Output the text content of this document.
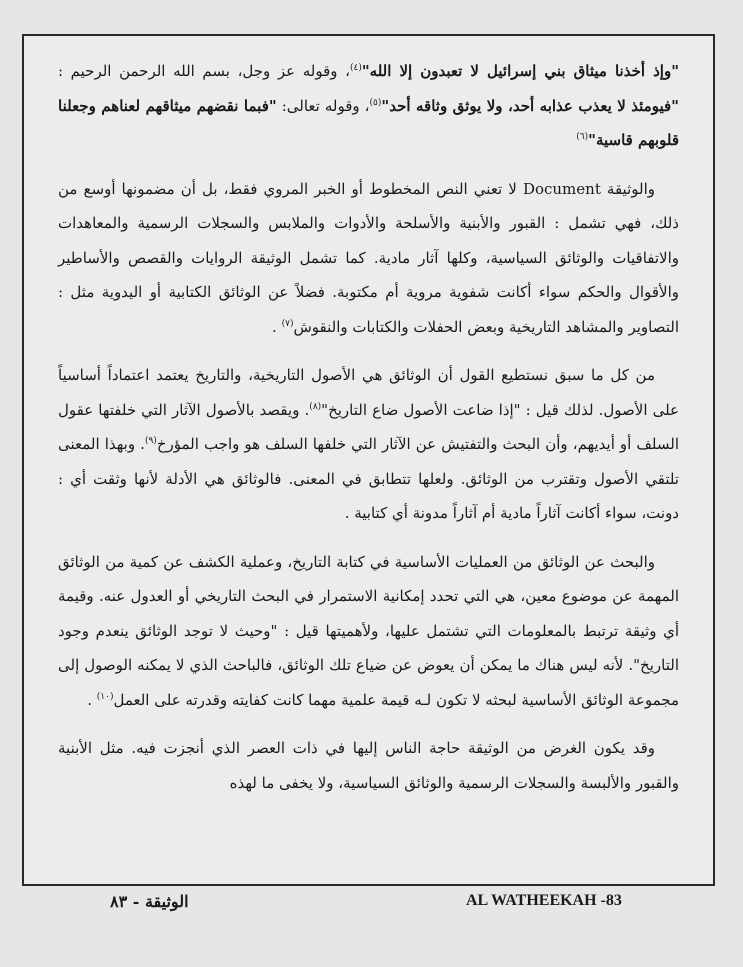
"وإذ أخذنا ميثاق بني إسرائيل لا تعبدون إلا الله"$^{(٤)}$، وقوله عز وجل، بسم الله الرحمن الرحيم : "فيومئذ لا يعذب عذابه أحد، ولا يوثق وثاقه أحد"$^{(٥)}$، وقوله تعالى: "فبما نقضهم ميثاقهم لعناهم وجعلنا قلوبهم قاسية"$^{(٦)}$

والوثيقة Document لا تعني النص المخطوط أو الخبر المروي فقط، بل أن مضمونها أوسع من ذلك، فهي تشمل : القبور والأبنية والأسلحة والأدوات والملابس والسجلات الرسمية والمعاهدات والاتفاقيات والوثائق السياسية، وكلها آثار مادية. كما تشمل الوثيقة الروايات والقصص والأساطير والأقوال والحكم سواء أكانت شفوية مروية أم مكتوبة. فضلاً عن الوثائق الكتابية أو اليدوية مثل : التصاوير والمشاهد التاريخية وبعض الحفلات والكتابات والنقوش$^{(٧)}$ .

من كل ما سبق نستطيع القول أن الوثائق هي الأصول التاريخية، والتاريخ يعتمد اعتماداً أساسياً على الأصول. لذلك قيل : "إذا ضاعت الأصول ضاع التاريخ"$^{(٨)}$. ويقصد بالأصول الآثار التي خلفتها عقول السلف أو أيديهم، وأن البحث والتفتيش عن الآثار التي خلفها السلف هو واجب المؤرخ$^{(٩)}$. وبهذا المعنى تلتقي الأصول وتقترب من الوثائق. ولعلها تتطابق في المعنى. فالوثائق هي الأدلة لأنها وثقت أي : دونت، سواء أكانت آثاراً مادية أم آثاراً مدونة أي كتابية .

والبحث عن الوثائق من العمليات الأساسية في كتابة التاريخ، وعملية الكشف عن كمية من الوثائق المهمة عن موضوع معين، هي التي تحدد إمكانية الاستمرار في البحث التاريخي أو العدول عنه. وقيمة أي وثيقة ترتبط بالمعلومات التي تشتمل عليها، ولأهميتها قيل : "وحيث لا توجد الوثائق ينعدم وجود التاريخ". لأنه ليس هناك ما يمكن أن يعوض عن ضياع تلك الوثائق، فالباحث الذي لا يمكنه الوصول إلى مجموعة الوثائق الأساسية لبحثه لا تكون لـه قيمة علمية مهما كانت كفايته وقدرته على العمل$^{(١٠)}$ .

وقد يكون الغرض من الوثيقة حاجة الناس إليها في ذات العصر الذي أنجزت فيه. مثل الأبنية والقبور والألبسة والسجلات الرسمية والوثائق السياسية، ولا يخفى ما لهذه

AL WATHEEKAH -83
الوثيقة - ٨٣
